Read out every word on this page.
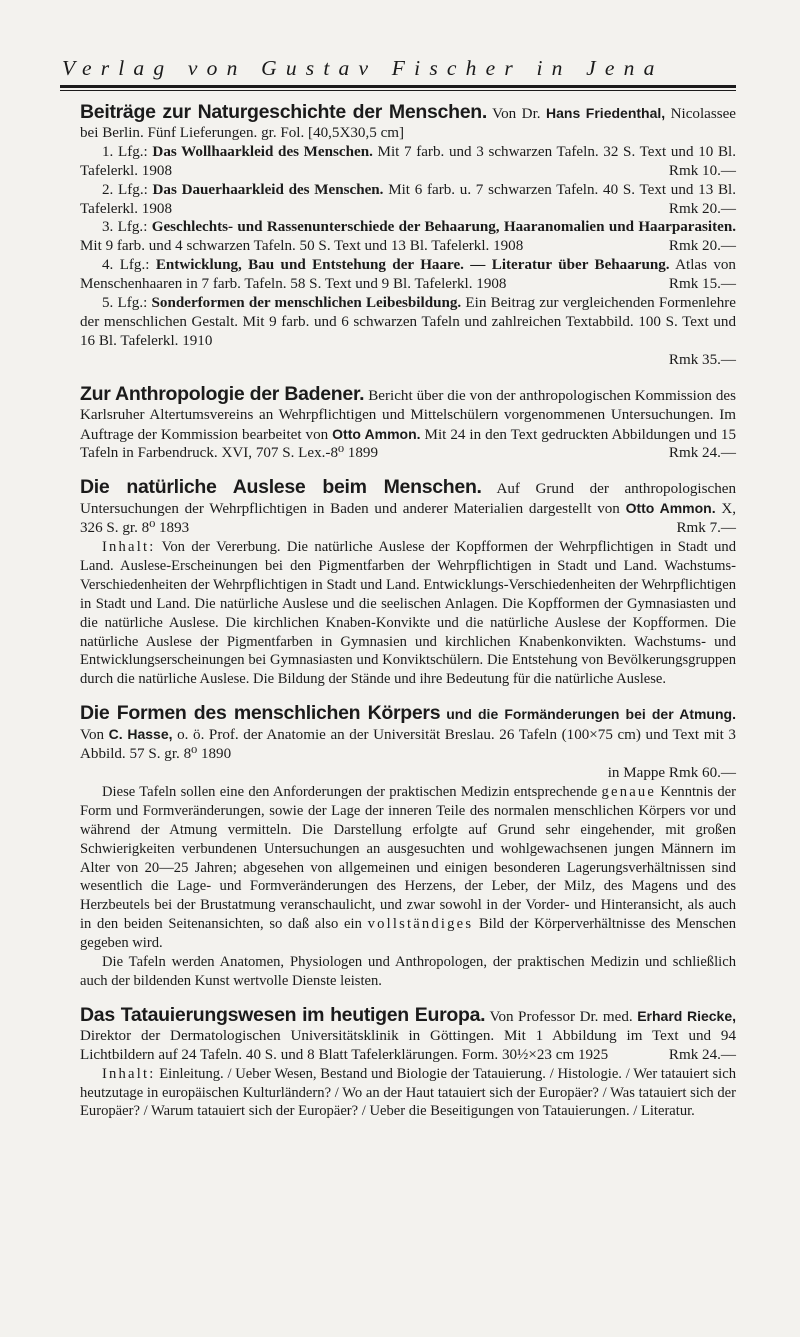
Verlag von Gustav Fischer in Jena

Beiträge zur Naturgeschichte der Menschen. Von Dr. Hans Friedenthal, Nicolassee bei Berlin. Fünf Lieferungen. gr. Fol. [40,5X30,5 cm]

1. Lfg.: Das Wollhaarkleid des Menschen. Mit 7 farb. und 3 schwarzen Tafeln. 32 S. Text und 10 Bl. Tafelerkl. 1908	Rmk 10.—

2. Lfg.: Das Dauerhaarkleid des Menschen. Mit 6 farb. u. 7 schwarzen Tafeln. 40 S. Text und 13 Bl. Tafelerkl. 1908	Rmk 20.—

3. Lfg.: Geschlechts- und Rassenunterschiede der Behaarung, Haaranomalien und Haarparasiten. Mit 9 farb. und 4 schwarzen Tafeln. 50 S. Text und 13 Bl. Tafelerkl. 1908	Rmk 20.—

4. Lfg.: Entwicklung, Bau und Entstehung der Haare. — Literatur über Behaarung. Atlas von Menschenhaaren in 7 farb. Tafeln. 58 S. Text und 9 Bl. Tafelerkl. 1908	Rmk 15.—

5. Lfg.: Sonderformen der menschlichen Leibesbildung. Ein Beitrag zur vergleichenden Formenlehre der menschlichen Gestalt. Mit 9 farb. und 6 schwarzen Tafeln und zahlreichen Textabbild. 100 S. Text und 16 Bl. Tafelerkl. 1910

Rmk 35.—

Zur Anthropologie der Badener. Bericht über die von der anthropologischen Kommission des Karlsruher Altertumsvereins an Wehrpflichtigen und Mittelschülern vorgenommenen Untersuchungen. Im Auftrage der Kommission bearbeitet von Otto Ammon. Mit 24 in den Text gedruckten Abbildungen und 15 Tafeln in Farbendruck. XVI, 707 S. Lex.-8⁰ 1899	Rmk 24.—

Die natürliche Auslese beim Menschen. Auf Grund der anthropologischen Untersuchungen der Wehrpflichtigen in Baden und anderer Materialien dargestellt von Otto Ammon. X, 326 S. gr. 8⁰ 1893	Rmk 7.—

Inhalt: Von der Vererbung. Die natürliche Auslese der Kopfformen der Wehrpflichtigen in Stadt und Land. Auslese-Erscheinungen bei den Pigmentfarben der Wehrpflichtigen in Stadt und Land. Wachstums-Verschiedenheiten der Wehrpflichtigen in Stadt und Land. Entwicklungs-Verschiedenheiten der Wehrpflichtigen in Stadt und Land. Die natürliche Auslese und die seelischen Anlagen. Die Kopfformen der Gymnasiasten und die natürliche Auslese. Die kirchlichen Knaben-Konvikte und die natürliche Auslese der Kopfformen. Die natürliche Auslese der Pigmentfarben in Gymnasien und kirchlichen Knabenkonvikten. Wachstums- und Entwicklungserscheinungen bei Gymnasiasten und Konviktschülern. Die Entstehung von Bevölkerungsgruppen durch die natürliche Auslese. Die Bildung der Stände und ihre Bedeutung für die natürliche Auslese.

Die Formen des menschlichen Körpers und die Formänderungen bei der Atmung. Von C. Hasse, o. ö. Prof. der Anatomie an der Universität Breslau. 26 Tafeln (100×75 cm) und Text mit 3 Abbild. 57 S. gr. 8⁰ 1890

in Mappe Rmk 60.—

Diese Tafeln sollen eine den Anforderungen der praktischen Medizin entsprechende genaue Kenntnis der Form und Formveränderungen, sowie der Lage der inneren Teile des normalen menschlichen Körpers vor und während der Atmung vermitteln. Die Darstellung erfolgte auf Grund sehr eingehender, mit großen Schwierigkeiten verbundenen Untersuchungen an ausgesuchten und wohlgewachsenen jungen Männern im Alter von 20—25 Jahren; abgesehen von allgemeinen und einigen besonderen Lagerungsverhältnissen sind wesentlich die Lage- und Formveränderungen des Herzens, der Leber, der Milz, des Magens und des Herzbeutels bei der Brustatmung veranschaulicht, und zwar sowohl in der Vorder- und Hinteransicht, als auch in den beiden Seitenansichten, so daß also ein vollständiges Bild der Körperverhältnisse des Menschen gegeben wird.

Die Tafeln werden Anatomen, Physiologen und Anthropologen, der praktischen Medizin und schließlich auch der bildenden Kunst wertvolle Dienste leisten.

Das Tatauierungswesen im heutigen Europa. Von Professor Dr. med. Erhard Riecke, Direktor der Dermatologischen Universitätsklinik in Göttingen. Mit 1 Abbildung im Text und 94 Lichtbildern auf 24 Tafeln. 40 S. und 8 Blatt Tafelerklärungen. Form. 30½×23 cm 1925	Rmk 24.—

Inhalt: Einleitung. / Ueber Wesen, Bestand und Biologie der Tatauierung. / Histologie. / Wer tatauiert sich heutzutage in europäischen Kulturländern? / Wo an der Haut tatauiert sich der Europäer? / Was tatauiert sich der Europäer? / Warum tatauiert sich der Europäer? / Ueber die Beseitigungen von Tatauierungen. / Literatur.
